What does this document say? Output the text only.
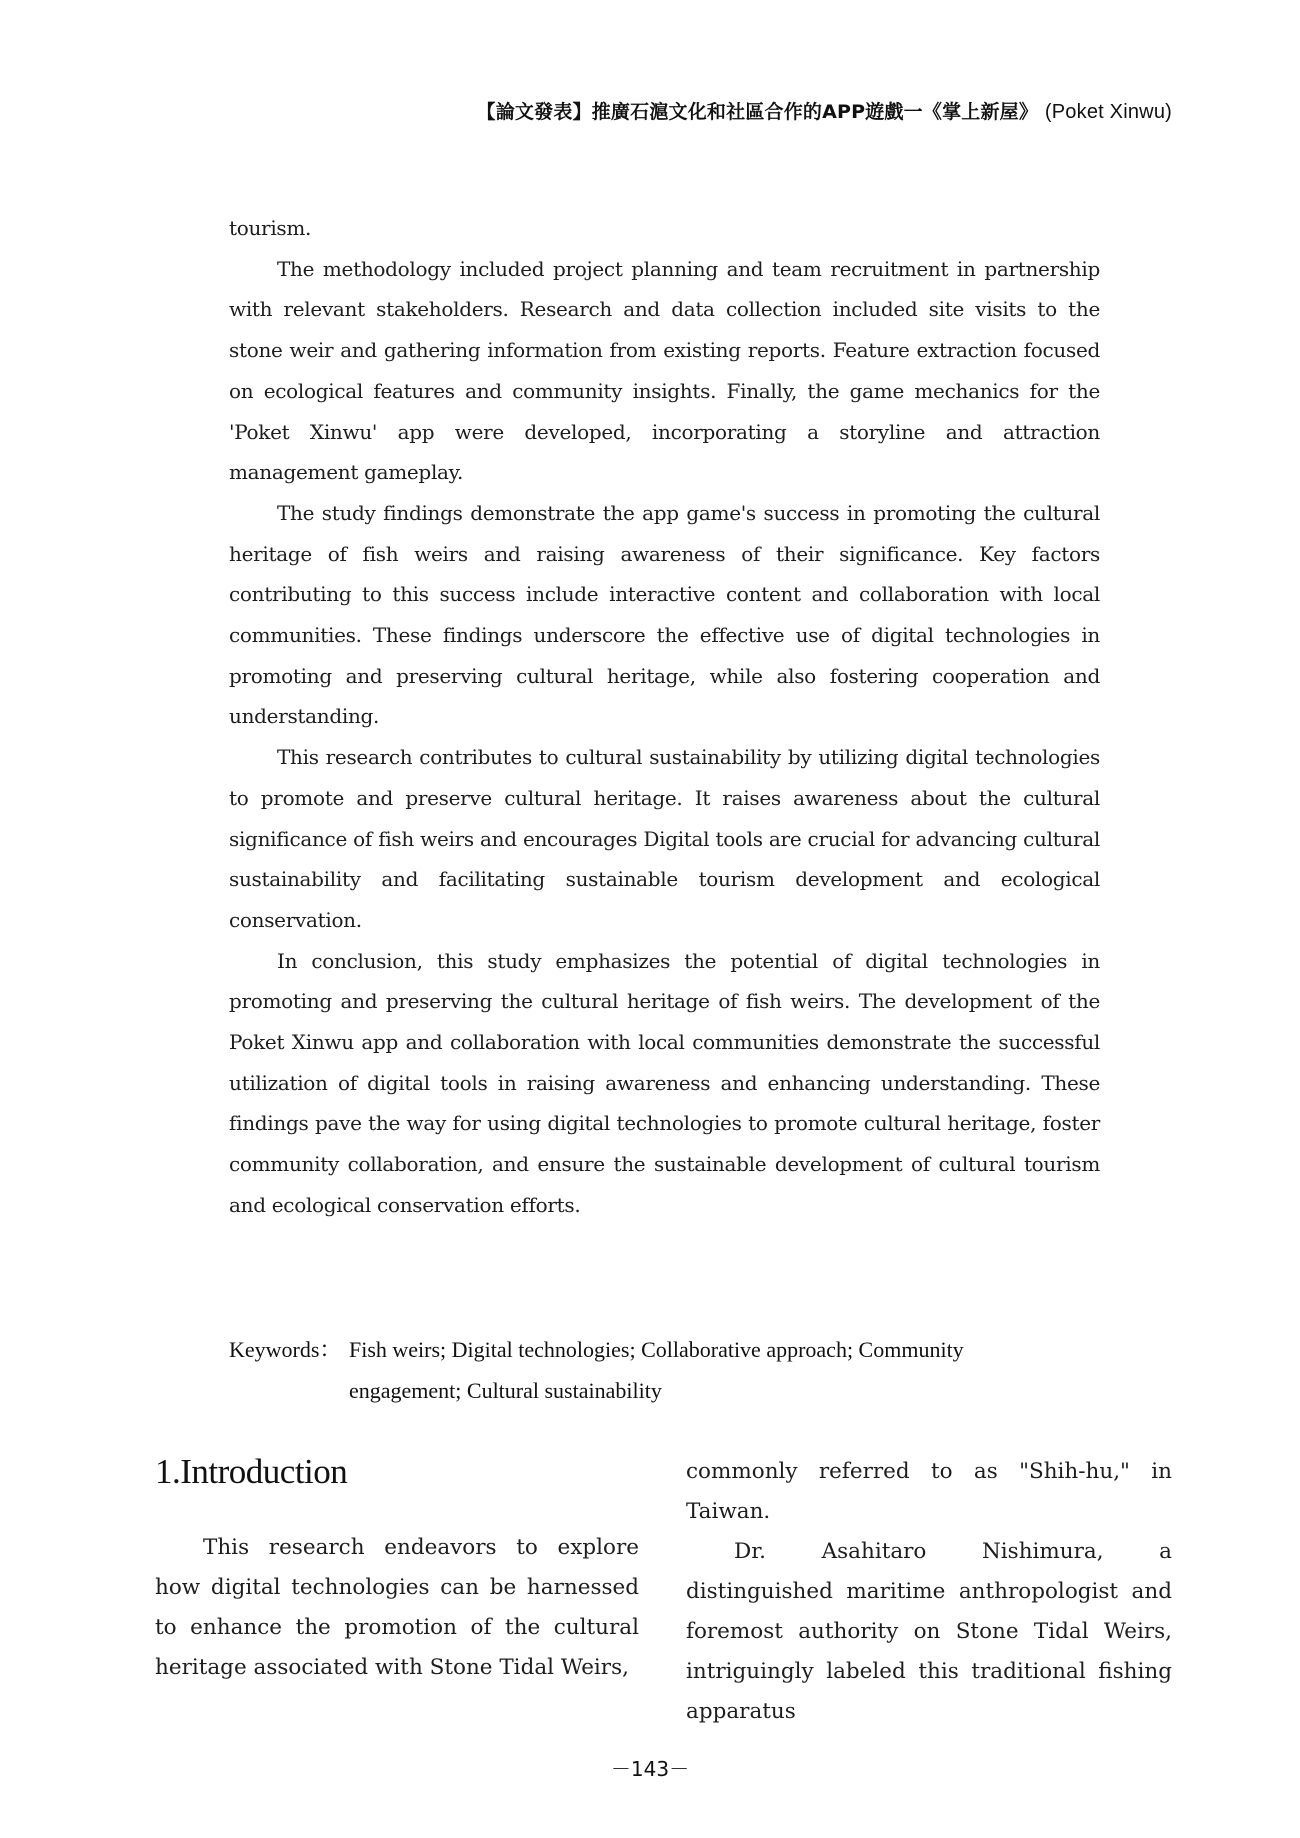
【論文發表】推廣石滬文化和社區合作的APP遊戲一《掌上新屋》 (Poket Xinwu)

tourism.

The methodology included project planning and team recruitment in partnership with relevant stakeholders. Research and data collection included site visits to the stone weir and gathering information from existing reports. Feature extraction focused on ecological features and community insights. Finally, the game mechanics for the 'Poket Xinwu' app were developed, incorporating a storyline and attraction management gameplay.

The study findings demonstrate the app game's success in promoting the cultural heritage of fish weirs and raising awareness of their significance. Key factors contributing to this success include interactive content and collaboration with local communities. These findings underscore the effective use of digital technologies in promoting and preserving cultural heritage, while also fostering cooperation and understanding.

This research contributes to cultural sustainability by utilizing digital technologies to promote and preserve cultural heritage. It raises awareness about the cultural significance of fish weirs and encourages Digital tools are crucial for advancing cultural sustainability and facilitating sustainable tourism development and ecological conservation.

In conclusion, this study emphasizes the potential of digital technologies in promoting and preserving the cultural heritage of fish weirs. The development of the Poket Xinwu app and collaboration with local communities demonstrate the successful utilization of digital tools in raising awareness and enhancing understanding. These findings pave the way for using digital technologies to promote cultural heritage, foster community collaboration, and ensure the sustainable development of cultural tourism and ecological conservation efforts.

Keywords： Fish weirs; Digital technologies; Collaborative approach; Community
engagement; Cultural sustainability
1.Introduction

This research endeavors to explore how digital technologies can be harnessed to enhance the promotion of the cultural heritage associated with Stone Tidal Weirs,

commonly referred to as "Shih-hu," in Taiwan.

Dr. Asahitaro Nishimura, a distinguished maritime anthropologist and foremost authority on Stone Tidal Weirs, intriguingly labeled this traditional fishing apparatus

－143－
